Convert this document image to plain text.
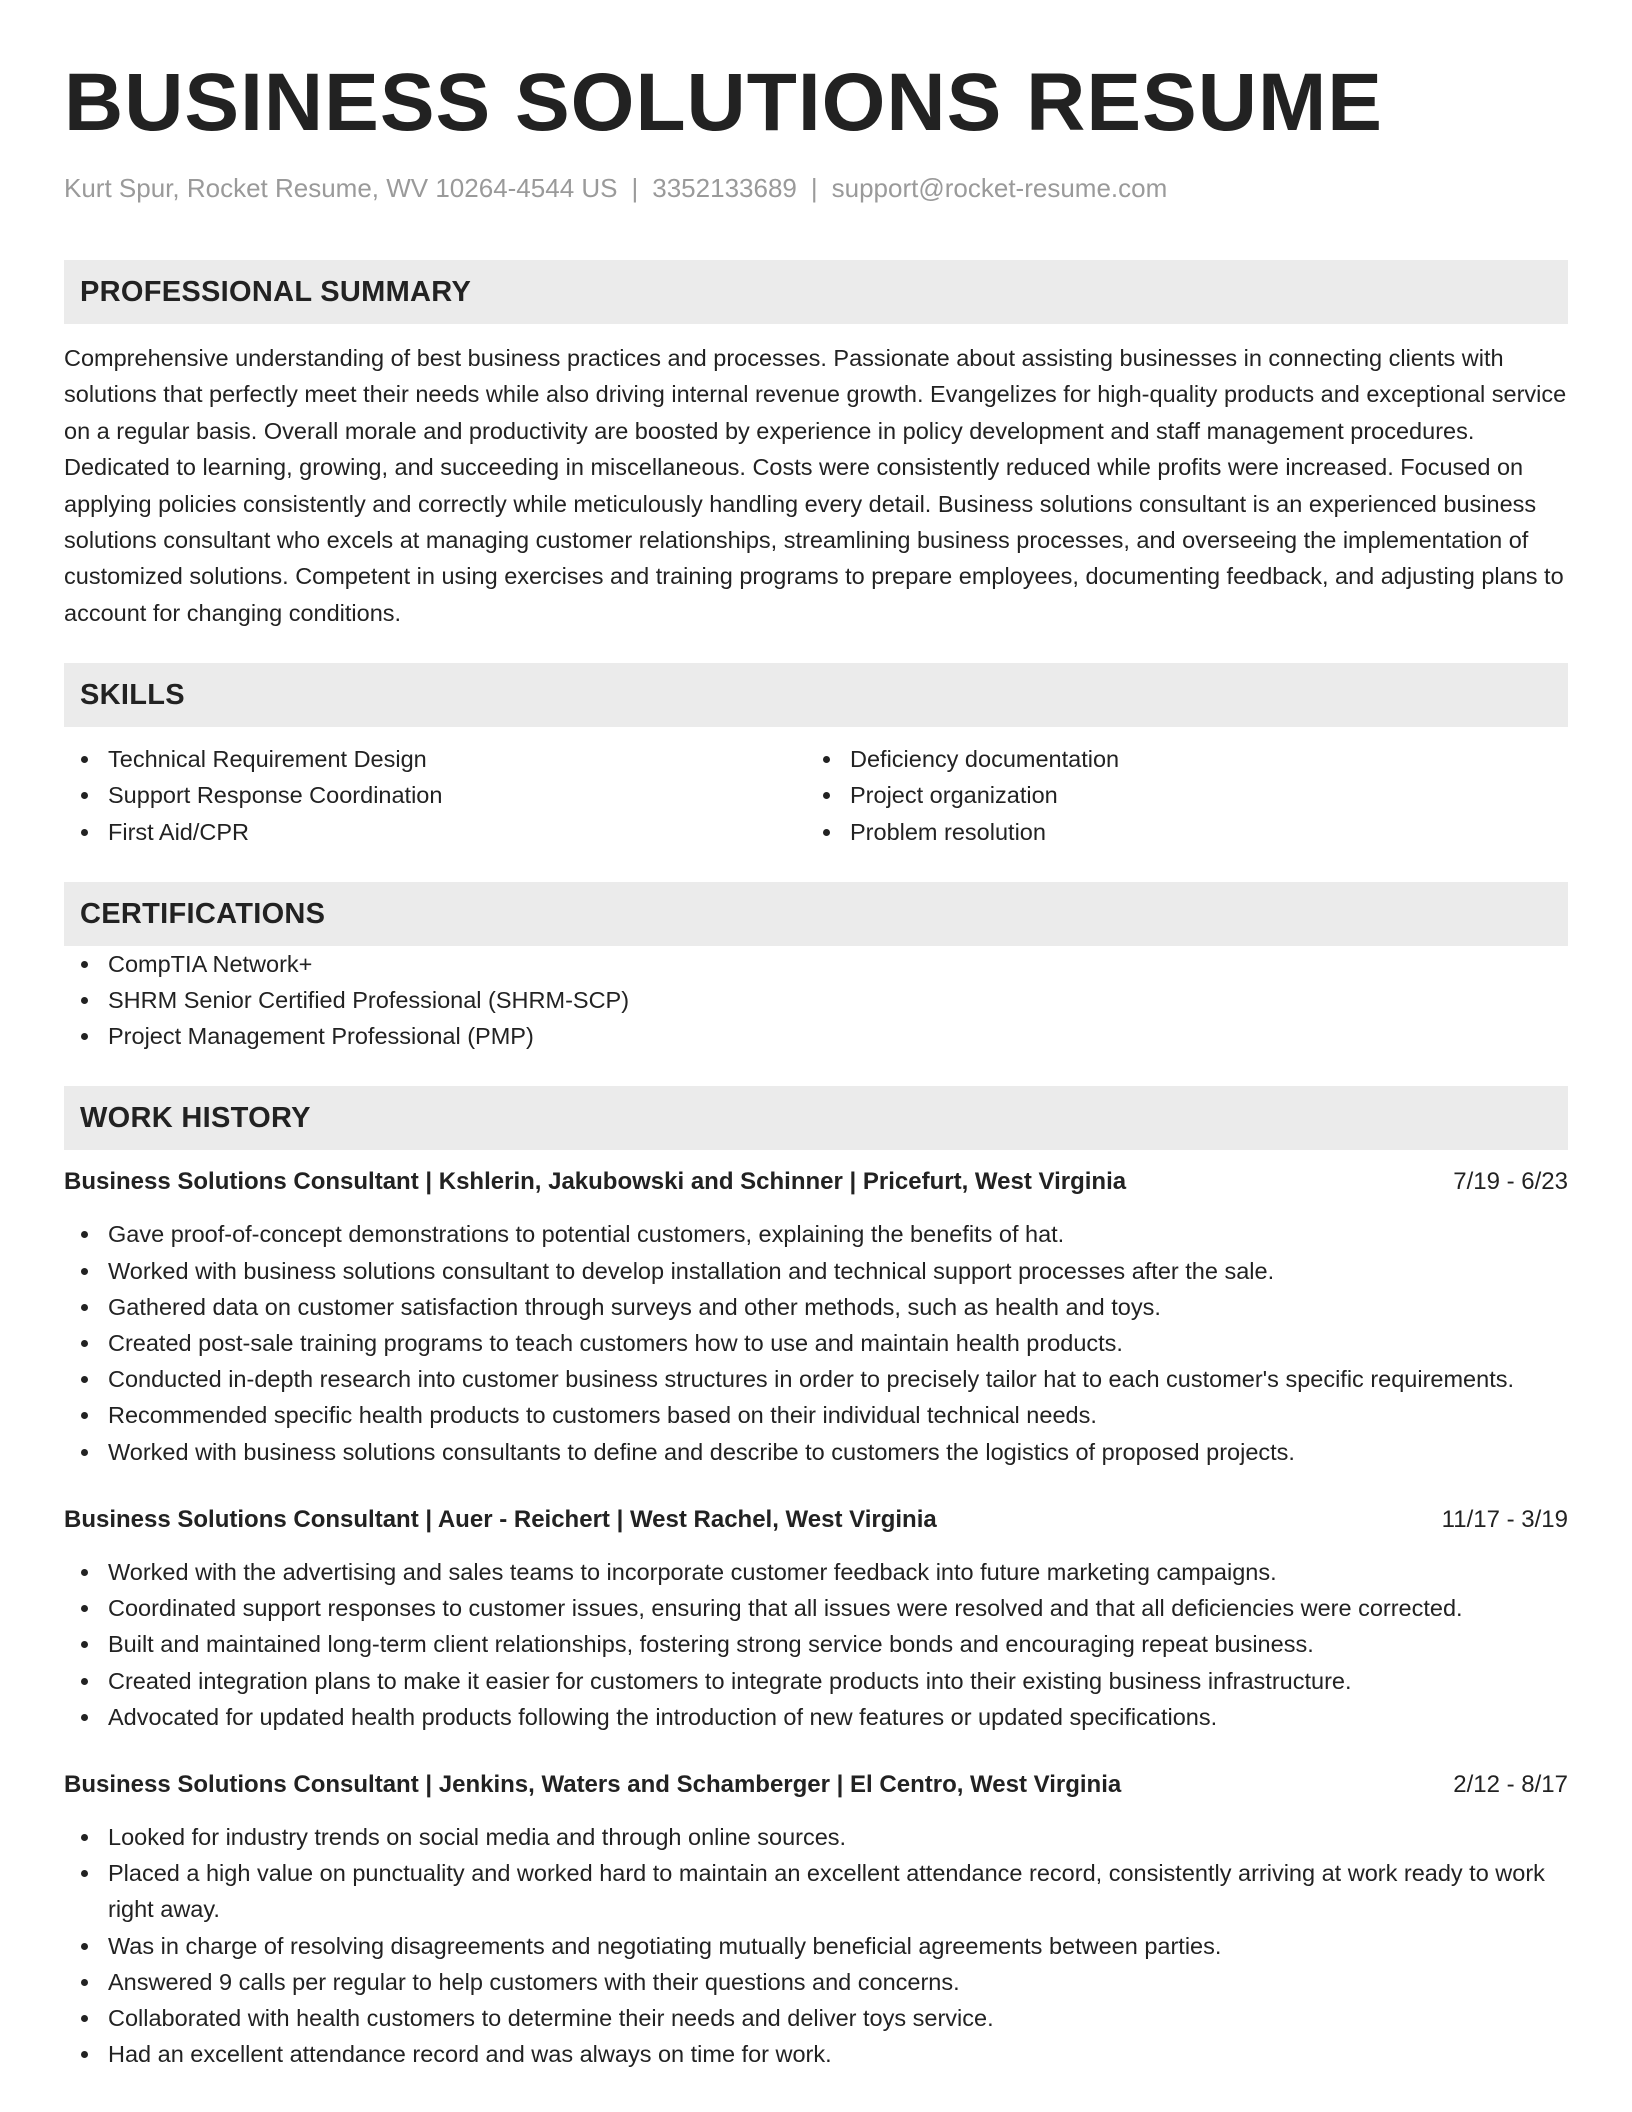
BUSINESS SOLUTIONS RESUME
Kurt Spur, Rocket Resume, WV 10264-4544 US | 3352133689 | support@rocket-resume.com
PROFESSIONAL SUMMARY
Comprehensive understanding of best business practices and processes. Passionate about assisting businesses in connecting clients with solutions that perfectly meet their needs while also driving internal revenue growth. Evangelizes for high-quality products and exceptional service on a regular basis. Overall morale and productivity are boosted by experience in policy development and staff management procedures. Dedicated to learning, growing, and succeeding in miscellaneous. Costs were consistently reduced while profits were increased. Focused on applying policies consistently and correctly while meticulously handling every detail. Business solutions consultant is an experienced business solutions consultant who excels at managing customer relationships, streamlining business processes, and overseeing the implementation of customized solutions. Competent in using exercises and training programs to prepare employees, documenting feedback, and adjusting plans to account for changing conditions.
SKILLS
Technical Requirement Design
Support Response Coordination
First Aid/CPR
Deficiency documentation
Project organization
Problem resolution
CERTIFICATIONS
CompTIA Network+
SHRM Senior Certified Professional (SHRM-SCP)
Project Management Professional (PMP)
WORK HISTORY
Business Solutions Consultant | Kshlerin, Jakubowski and Schinner | Pricefurt, West Virginia	7/19 - 6/23
Gave proof-of-concept demonstrations to potential customers, explaining the benefits of hat.
Worked with business solutions consultant to develop installation and technical support processes after the sale.
Gathered data on customer satisfaction through surveys and other methods, such as health and toys.
Created post-sale training programs to teach customers how to use and maintain health products.
Conducted in-depth research into customer business structures in order to precisely tailor hat to each customer's specific requirements.
Recommended specific health products to customers based on their individual technical needs.
Worked with business solutions consultants to define and describe to customers the logistics of proposed projects.
Business Solutions Consultant | Auer - Reichert | West Rachel, West Virginia	11/17 - 3/19
Worked with the advertising and sales teams to incorporate customer feedback into future marketing campaigns.
Coordinated support responses to customer issues, ensuring that all issues were resolved and that all deficiencies were corrected.
Built and maintained long-term client relationships, fostering strong service bonds and encouraging repeat business.
Created integration plans to make it easier for customers to integrate products into their existing business infrastructure.
Advocated for updated health products following the introduction of new features or updated specifications.
Business Solutions Consultant | Jenkins, Waters and Schamberger | El Centro, West Virginia	2/12 - 8/17
Looked for industry trends on social media and through online sources.
Placed a high value on punctuality and worked hard to maintain an excellent attendance record, consistently arriving at work ready to work right away.
Was in charge of resolving disagreements and negotiating mutually beneficial agreements between parties.
Answered 9 calls per regular to help customers with their questions and concerns.
Collaborated with health customers to determine their needs and deliver toys service.
Had an excellent attendance record and was always on time for work.
